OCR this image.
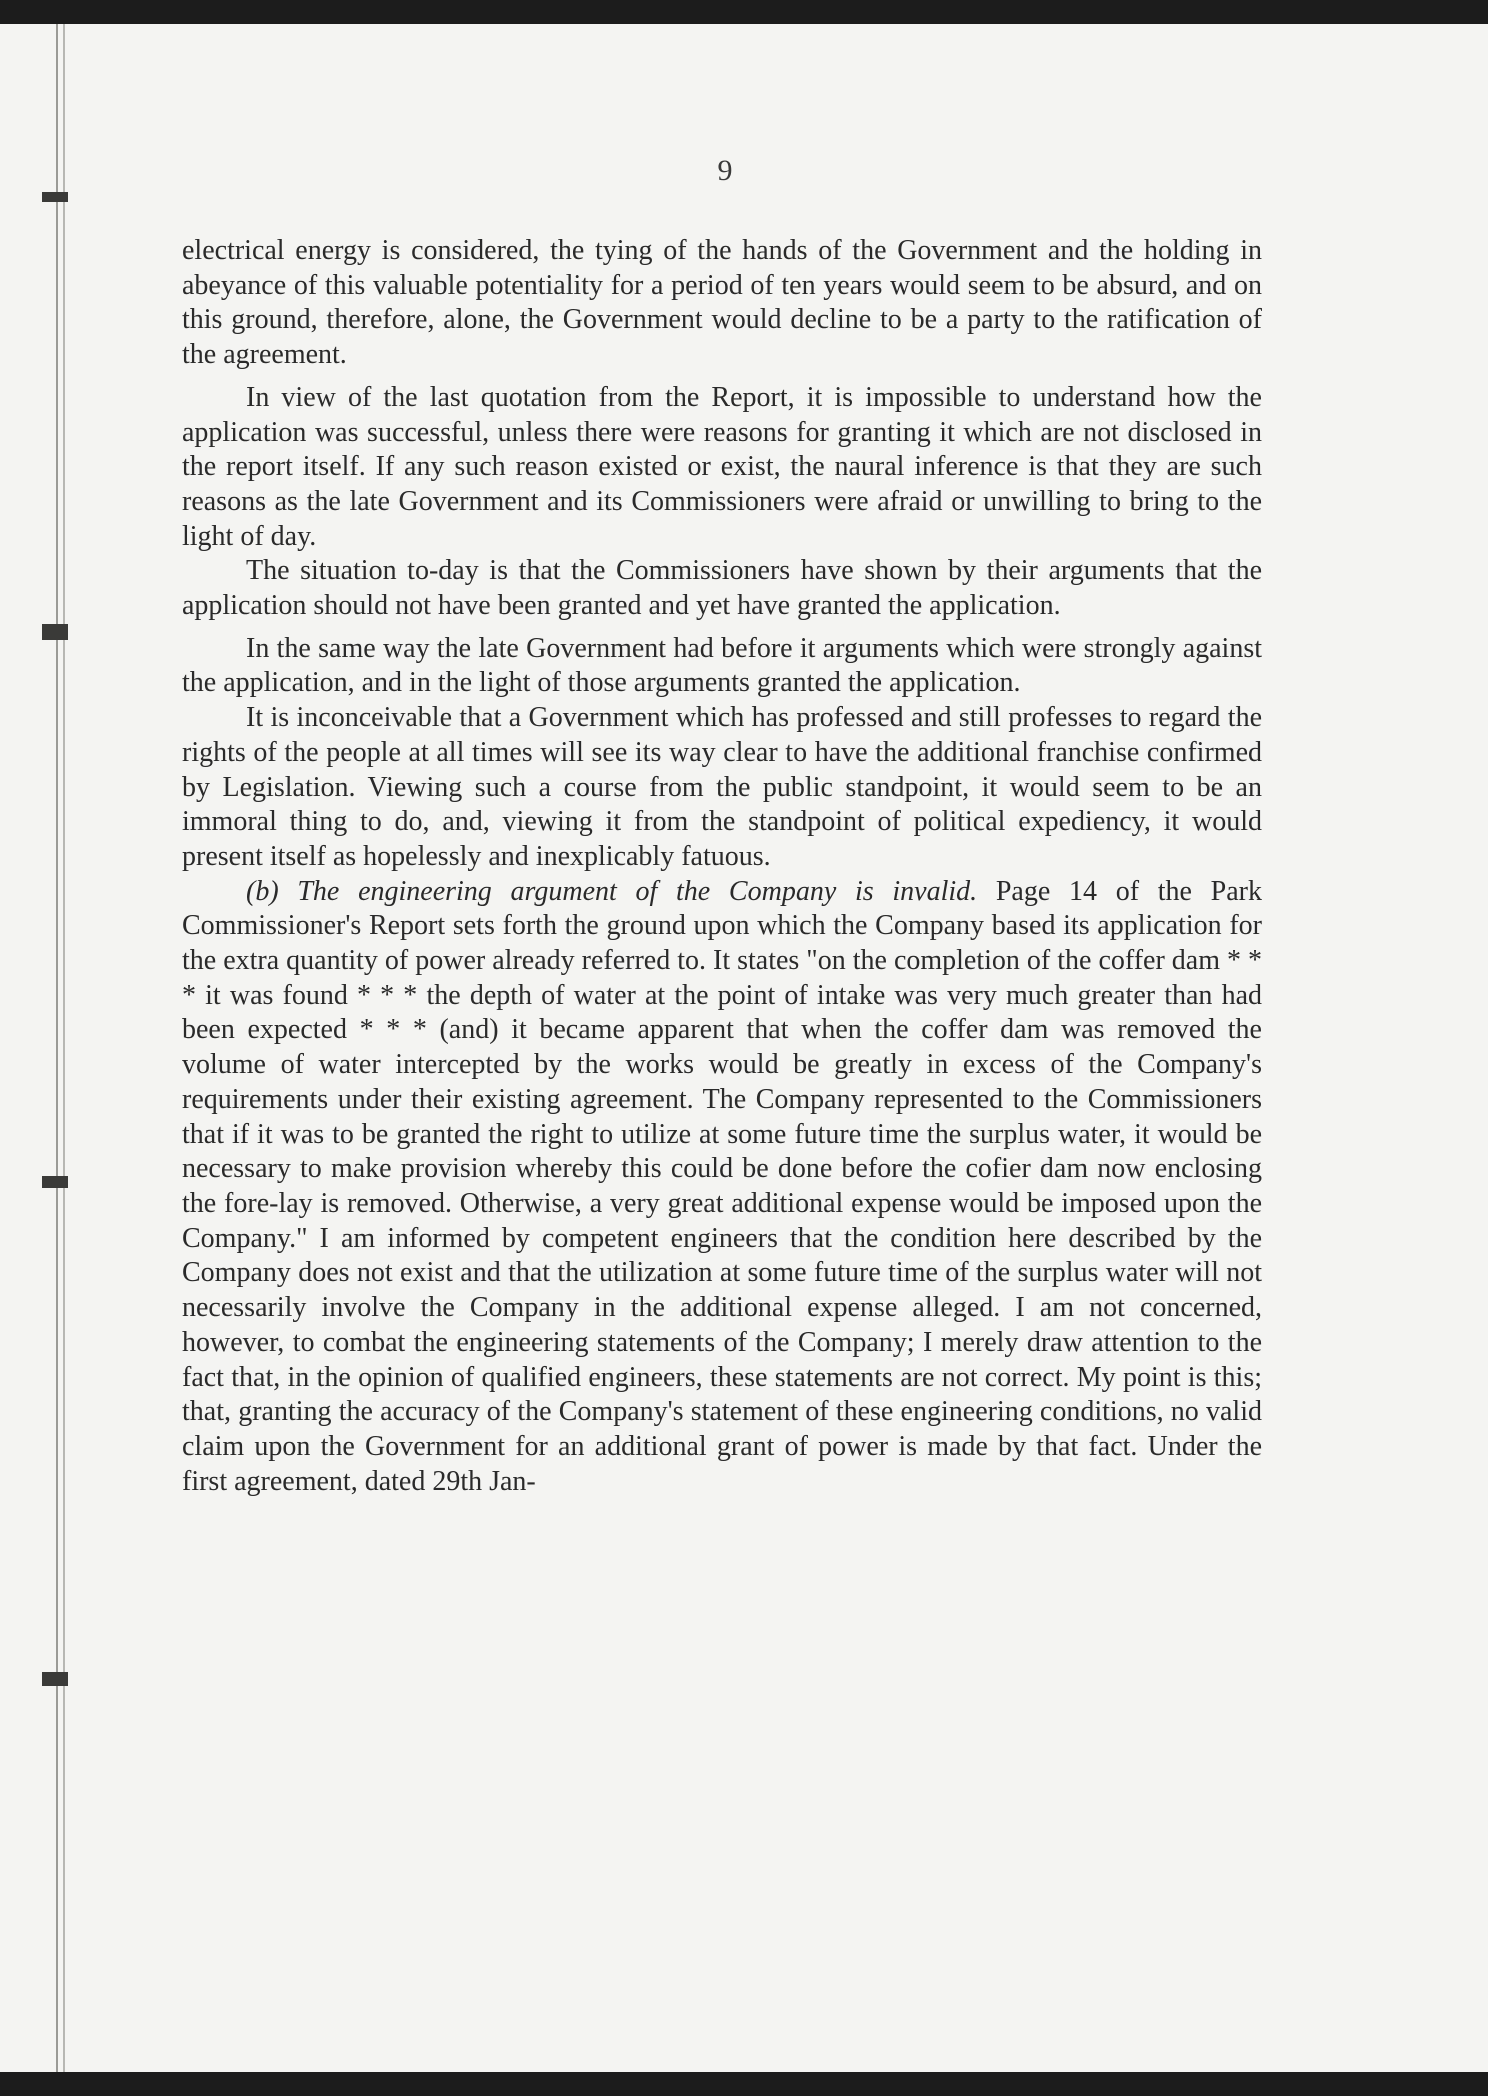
9

electrical energy is considered, the tying of the hands of the Government and the holding in abeyance of this valuable potentiality for a period of ten years would seem to be absurd, and on this ground, therefore, alone, the Government would decline to be a party to the ratification of the agreement.

In view of the last quotation from the Report, it is impossible to understand how the application was successful, unless there were reasons for granting it which are not disclosed in the report itself. If any such reason existed or exist, the naural inference is that they are such reasons as the late Government and its Commissioners were afraid or unwilling to bring to the light of day.

The situation to-day is that the Commissioners have shown by their arguments that the application should not have been granted and yet have granted the application.

In the same way the late Government had before it arguments which were strongly against the application, and in the light of those arguments granted the application.

It is inconceivable that a Government which has professed and still professes to regard the rights of the people at all times will see its way clear to have the additional franchise confirmed by Legislation. Viewing such a course from the public standpoint, it would seem to be an immoral thing to do, and, viewing it from the standpoint of political expediency, it would present itself as hopelessly and inexplicably fatuous.

(b) The engineering argument of the Company is invalid. Page 14 of the Park Commissioner's Report sets forth the ground upon which the Company based its application for the extra quantity of power already referred to. It states "on the completion of the coffer dam * * * it was found * * * the depth of water at the point of intake was very much greater than had been expected * * * (and) it became apparent that when the coffer dam was removed the volume of water intercepted by the works would be greatly in excess of the Company's requirements under their existing agreement. The Company represented to the Commissioners that if it was to be granted the right to utilize at some future time the surplus water, it would be necessary to make provision whereby this could be done before the cofier dam now enclosing the fore-lay is removed. Otherwise, a very great additional expense would be imposed upon the Company." I am informed by competent engineers that the condition here described by the Company does not exist and that the utilization at some future time of the surplus water will not necessarily involve the Company in the additional expense alleged. I am not concerned, however, to combat the engineering statements of the Company; I merely draw attention to the fact that, in the opinion of qualified engineers, these statements are not correct. My point is this; that, granting the accuracy of the Company's statement of these engineering conditions, no valid claim upon the Government for an additional grant of power is made by that fact. Under the first agreement, dated 29th Jan-
